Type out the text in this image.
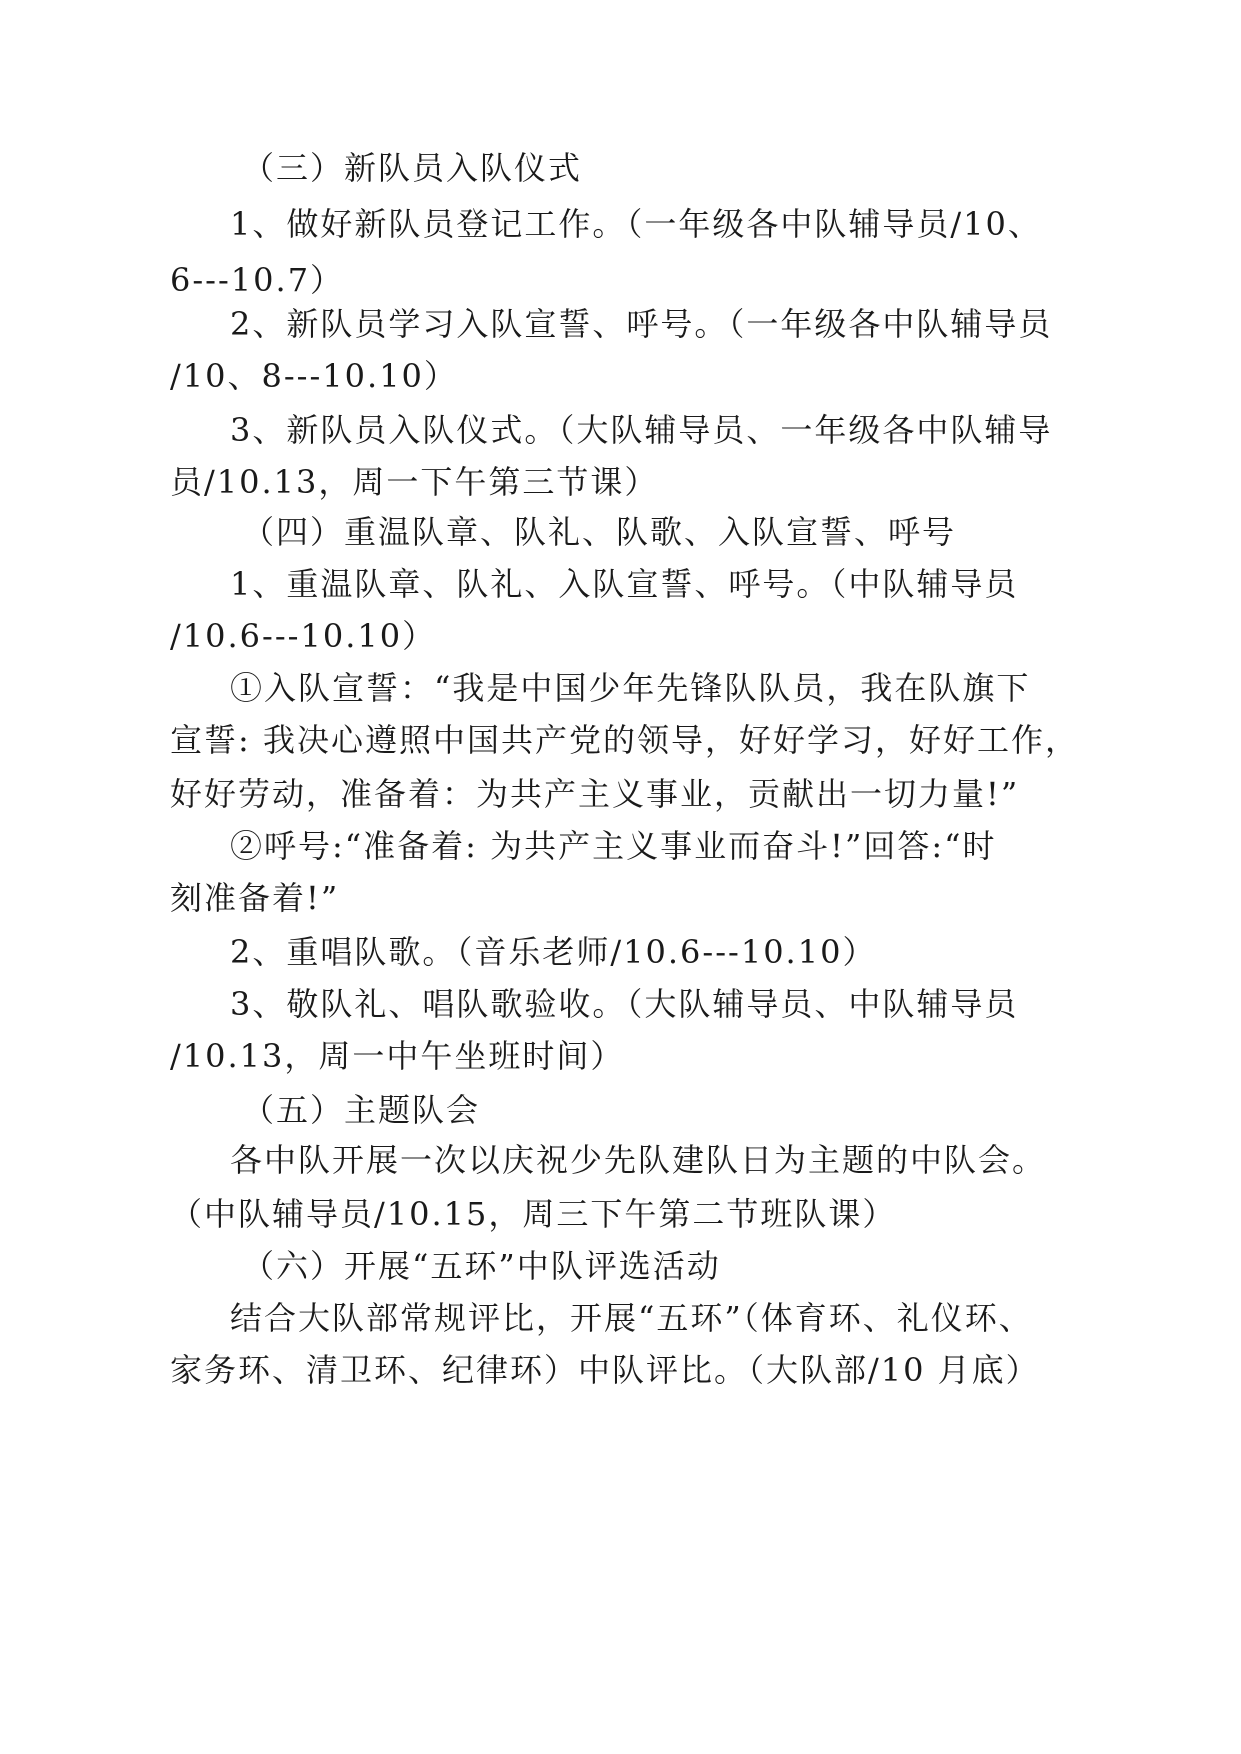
（三）新队员入队仪式
1、做好新队员登记工作。（一年级各中队辅导员/10、
6---10.7）
2、新队员学习入队宣誓、呼号。（一年级各中队辅导员
/10、8---10.10）
3、新队员入队仪式。（大队辅导员、一年级各中队辅导
员/10.13，周一下午第三节课）
（四）重温队章、队礼、队歌、入队宣誓、呼号
1、重温队章、队礼、入队宣誓、呼号。（中队辅导员
/10.6---10.10）
①入队宣誓：“我是中国少年先锋队队员，我在队旗下
宣誓: 我决心遵照中国共产党的领导，好好学习，好好工作，
好好劳动，准备着：为共产主义事业，贡献出一切力量!”
②呼号:“准备着: 为共产主义事业而奋斗!”回答:“时
刻准备着!”
2、重唱队歌。（音乐老师/10.6---10.10）
3、敬队礼、唱队歌验收。（大队辅导员、中队辅导员
/10.13，周一中午坐班时间）
（五）主题队会
各中队开展一次以庆祝少先队建队日为主题的中队会。
（中队辅导员/10.15，周三下午第二节班队课）
（六）开展“五环”中队评选活动
结合大队部常规评比，开展“五环”（体育环、礼仪环、
家务环、清卫环、纪律环）中队评比。（大队部/10 月底）
